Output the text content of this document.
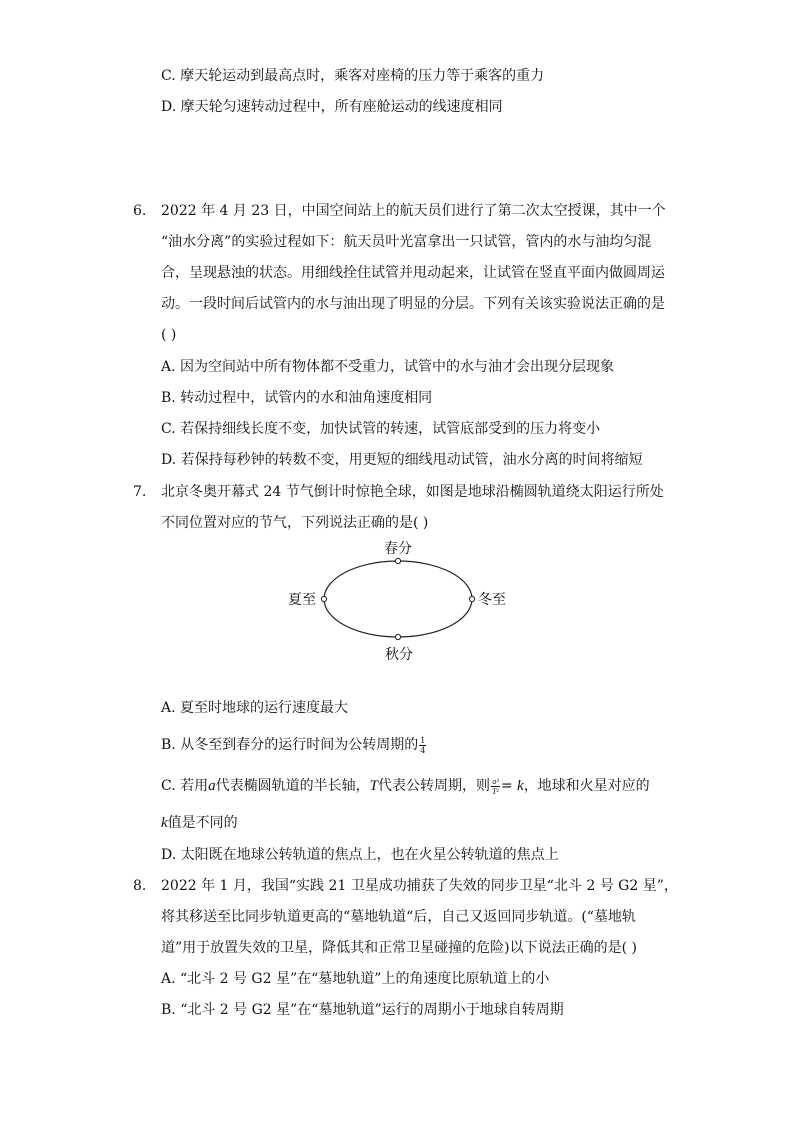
C. 摩天轮运动到最高点时，乘客对座椅的压力等于乘客的重力
D. 摩天轮匀速转动过程中，所有座舱运动的线速度相同
6. 2022 年 4 月 23 日，中国空间站上的航天员们进行了第二次太空授课，其中一个
“油水分离”的实验过程如下：航天员叶光富拿出一只试管，管内的水与油均匀混
合，呈现悬浊的状态。用细线拴住试管并甩动起来，让试管在竖直平面内做圆周运
动。一段时间后试管内的水与油出现了明显的分层。下列有关该实验说法正确的是
( )
A. 因为空间站中所有物体都不受重力，试管中的水与油才会出现分层现象
B. 转动过程中，试管内的水和油角速度相同
C. 若保持细线长度不变，加快试管的转速，试管底部受到的压力将变小
D. 若保持每秒钟的转数不变，用更短的细线甩动试管，油水分离的时间将缩短
7. 北京冬奥开幕式 24 节气倒计时惊艳全球，如图是地球沿椭圆轨道绕太阳运行所处
不同位置对应的节气，下列说法正确的是( )
春分
夏至	冬至
秋分
A. 夏至时地球的运行速度最大
B. 从冬至到春分的运行时间为公转周期的 $\frac{1}{4}$
C. 若用a代表椭圆轨道的半长轴，T代表公转周期，则 $\frac{\text{a³}}{\text{T²}} = k$，地球和火星对应的
k值是不同的
D. 太阳既在地球公转轨道的焦点上，也在火星公转轨道的焦点上
8. 2022 年 1 月，我国“实践 21 卫星成功捕获了失效的同步卫星“北斗 2 号 G2 星”，
将其移送至比同步轨道更高的“墓地轨道“后，自己又返回同步轨道。(“墓地轨
道”用于放置失效的卫星，降低其和正常卫星碰撞的危险)以下说法正确的是( )
A. “北斗 2 号 G2 星”在“墓地轨道”上的角速度比原轨道上的小
B. “北斗 2 号 G2 星”在“墓地轨道”运行的周期小于地球自转周期
